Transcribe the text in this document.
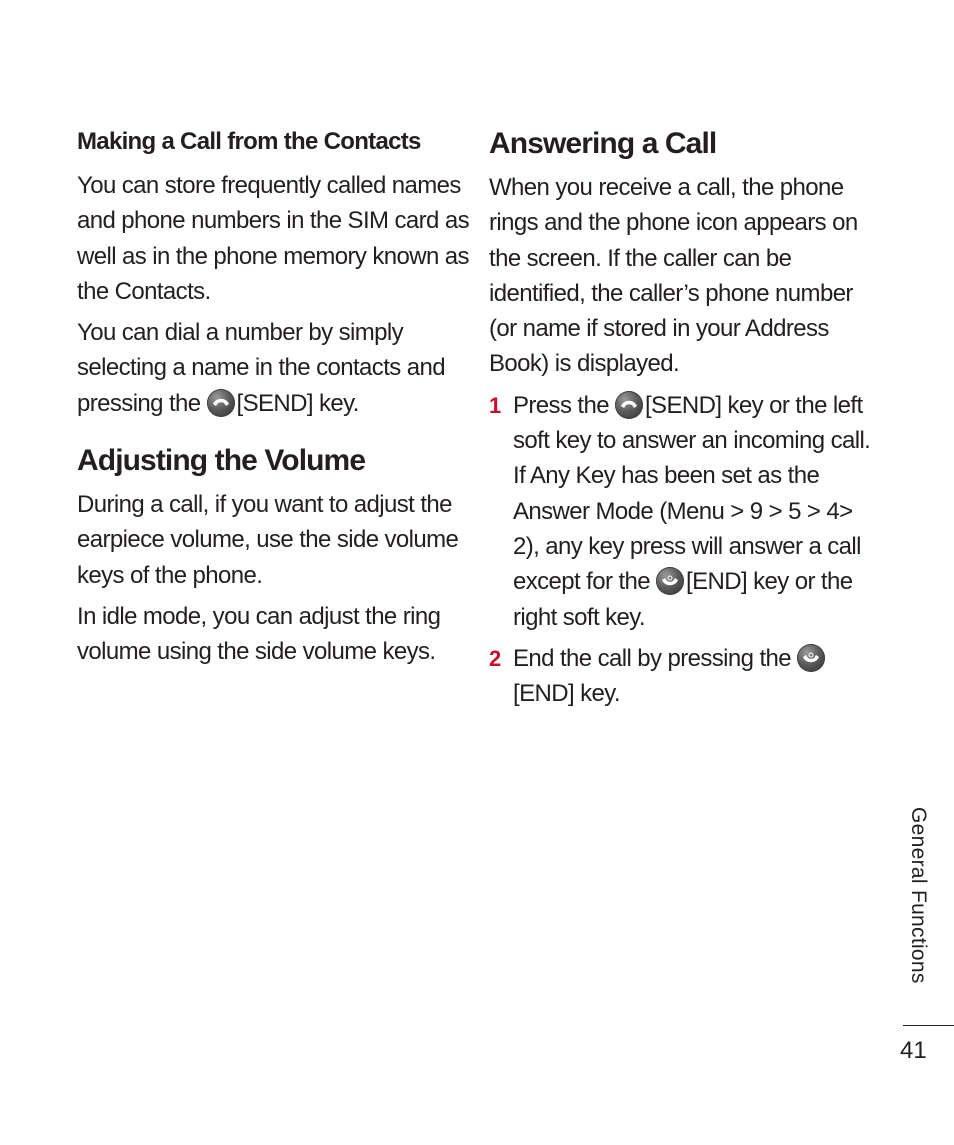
Making a Call from the Contacts

You can store frequently called names and phone numbers in the SIM card as well as in the phone memory known as the Contacts.

You can dial a number by simply selecting a name in the contacts and pressing the [SEND] key.

Adjusting the Volume

During a call, if you want to adjust the earpiece volume, use the side volume keys of the phone.

In idle mode, you can adjust the ring volume using the side volume keys.

Answering a Call

When you receive a call, the phone rings and the phone icon appears on the screen. If the caller can be identified, the caller’s phone number (or name if stored in your Address Book) is displayed.

1 Press the [SEND] key or the left soft key to answer an incoming call. If Any Key has been set as the Answer Mode (Menu > 9 > 5 > 4> 2), any key press will answer a call except for the [END] key or the right soft key.
2 End the call by pressing the
[END] key.
General Functions
41
